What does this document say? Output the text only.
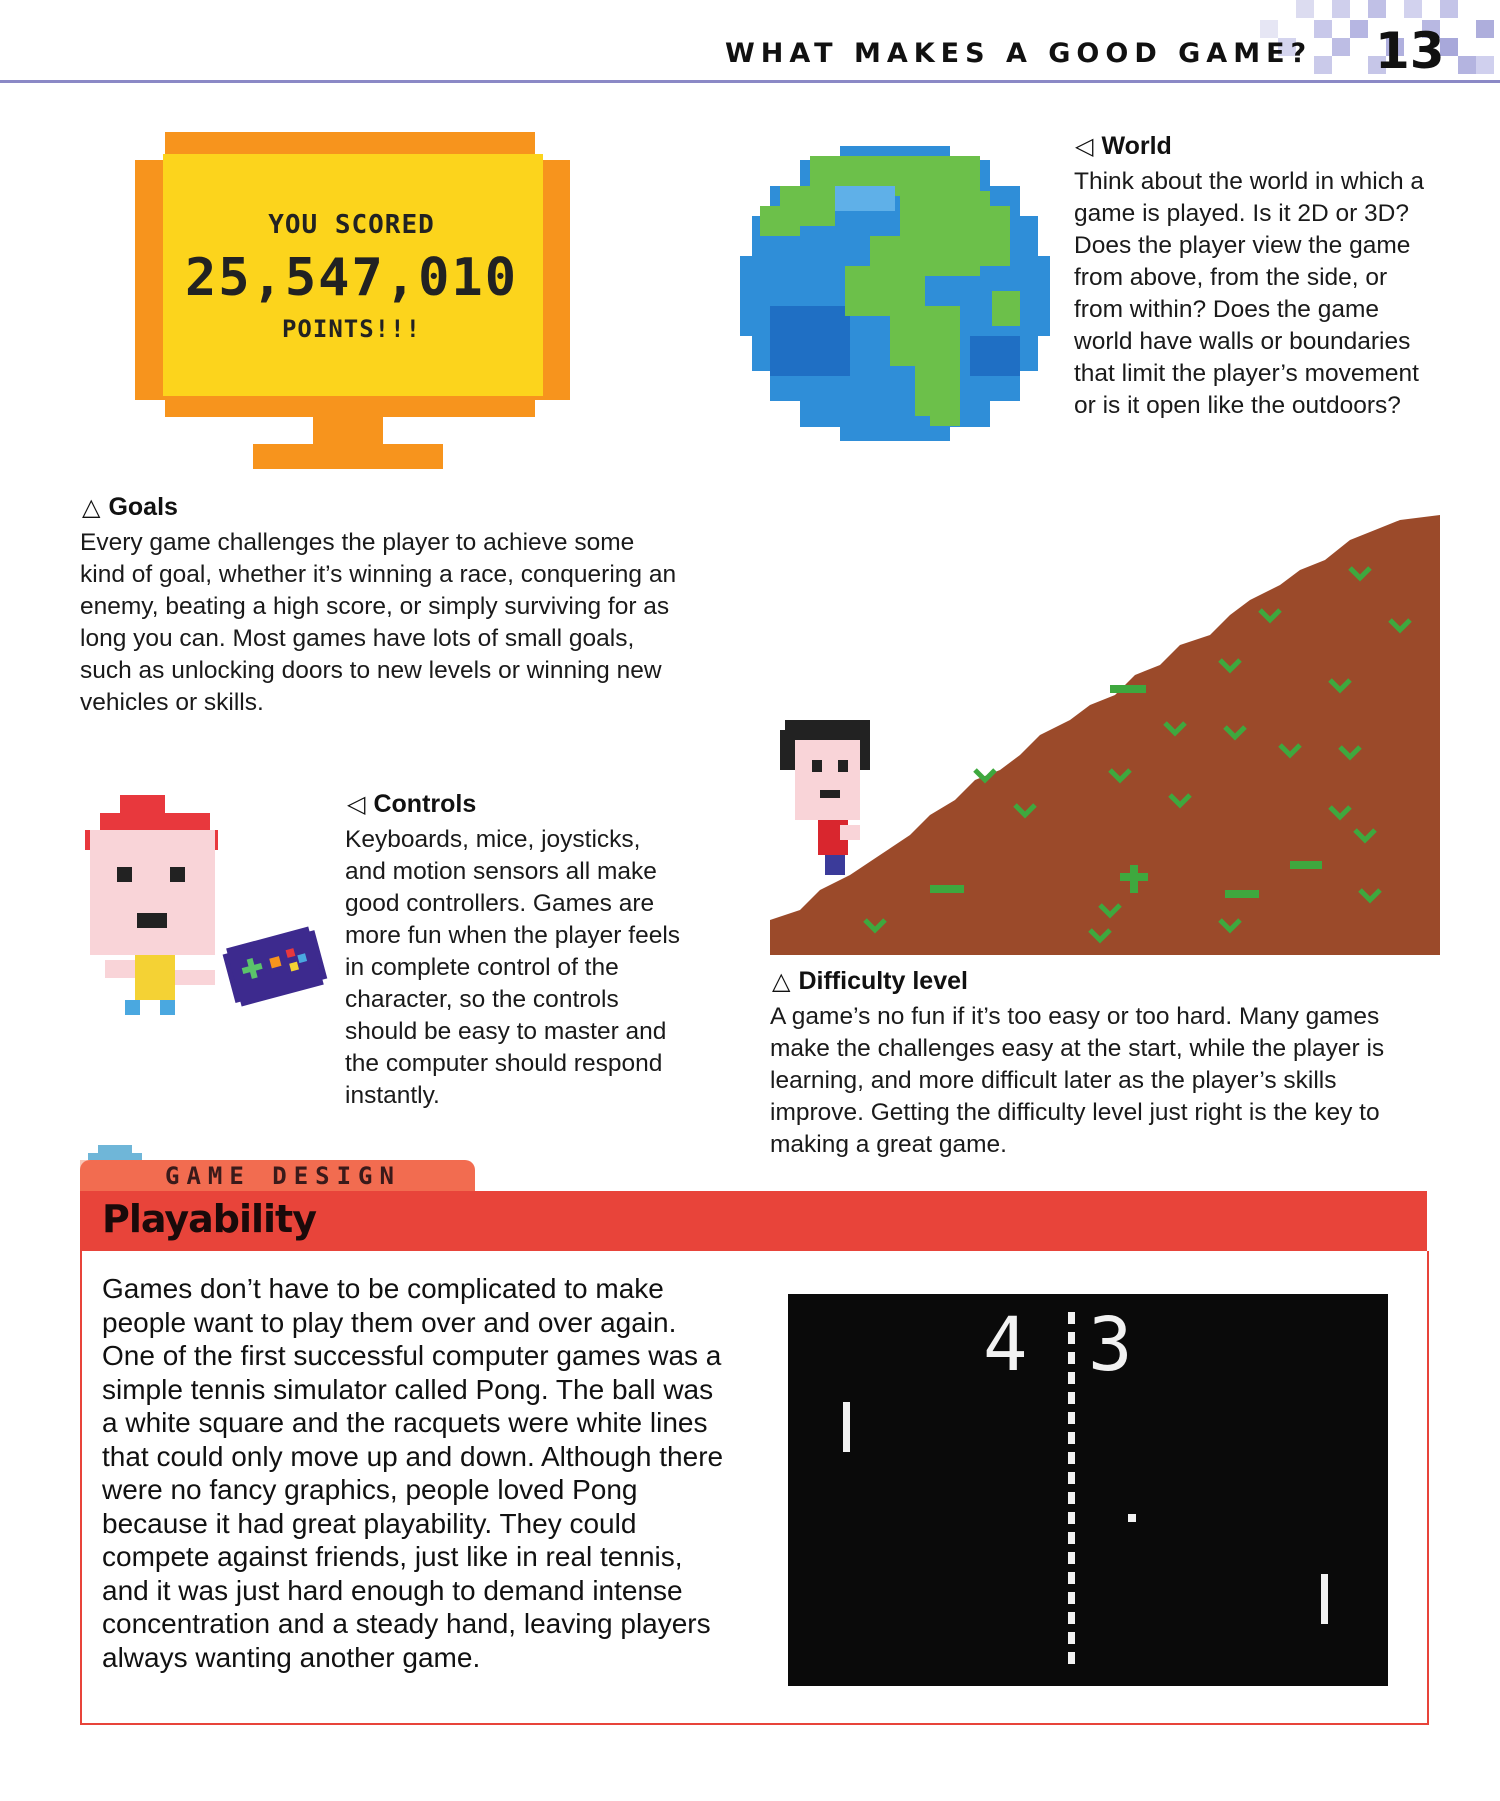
WHAT MAKES A GOOD GAME? 13
YOU SCORED
25,547,010
POINTS!!!
△ Goals
Every game challenges the player to achieve some kind of goal, whether it’s winning a race, conquering an enemy, beating a high score, or simply surviving for as long you can. Most games have lots of small goals, such as unlocking doors to new levels or winning new vehicles or skills.
◁ World
Think about the world in which a game is played. Is it 2D or 3D? Does the player view the game from above, from the side, or from within? Does the game world have walls or boundaries that limit the player’s movement or is it open like the outdoors?
△ Difficulty level
A game’s no fun if it’s too easy or too hard. Many games make the challenges easy at the start, while the player is learning, and more difficult later as the player’s skills improve. Getting the difficulty level just right is the key to making a great game.
◁ Controls
Keyboards, mice, joysticks, and motion sensors all make good controllers. Games are more fun when the player feels in complete control of the character, so the controls should be easy to master and the computer should respond instantly.
GAME DESIGN
Playability
Games don’t have to be complicated to make people want to play them over and over again. One of the first successful computer games was a simple tennis simulator called Pong. The ball was a white square and the racquets were white lines that could only move up and down. Although there were no fancy graphics, people loved Pong because it had great playability. They could compete against friends, just like in real tennis, and it was just hard enough to demand intense concentration and a steady hand, leaving players always wanting another game.
4 3
